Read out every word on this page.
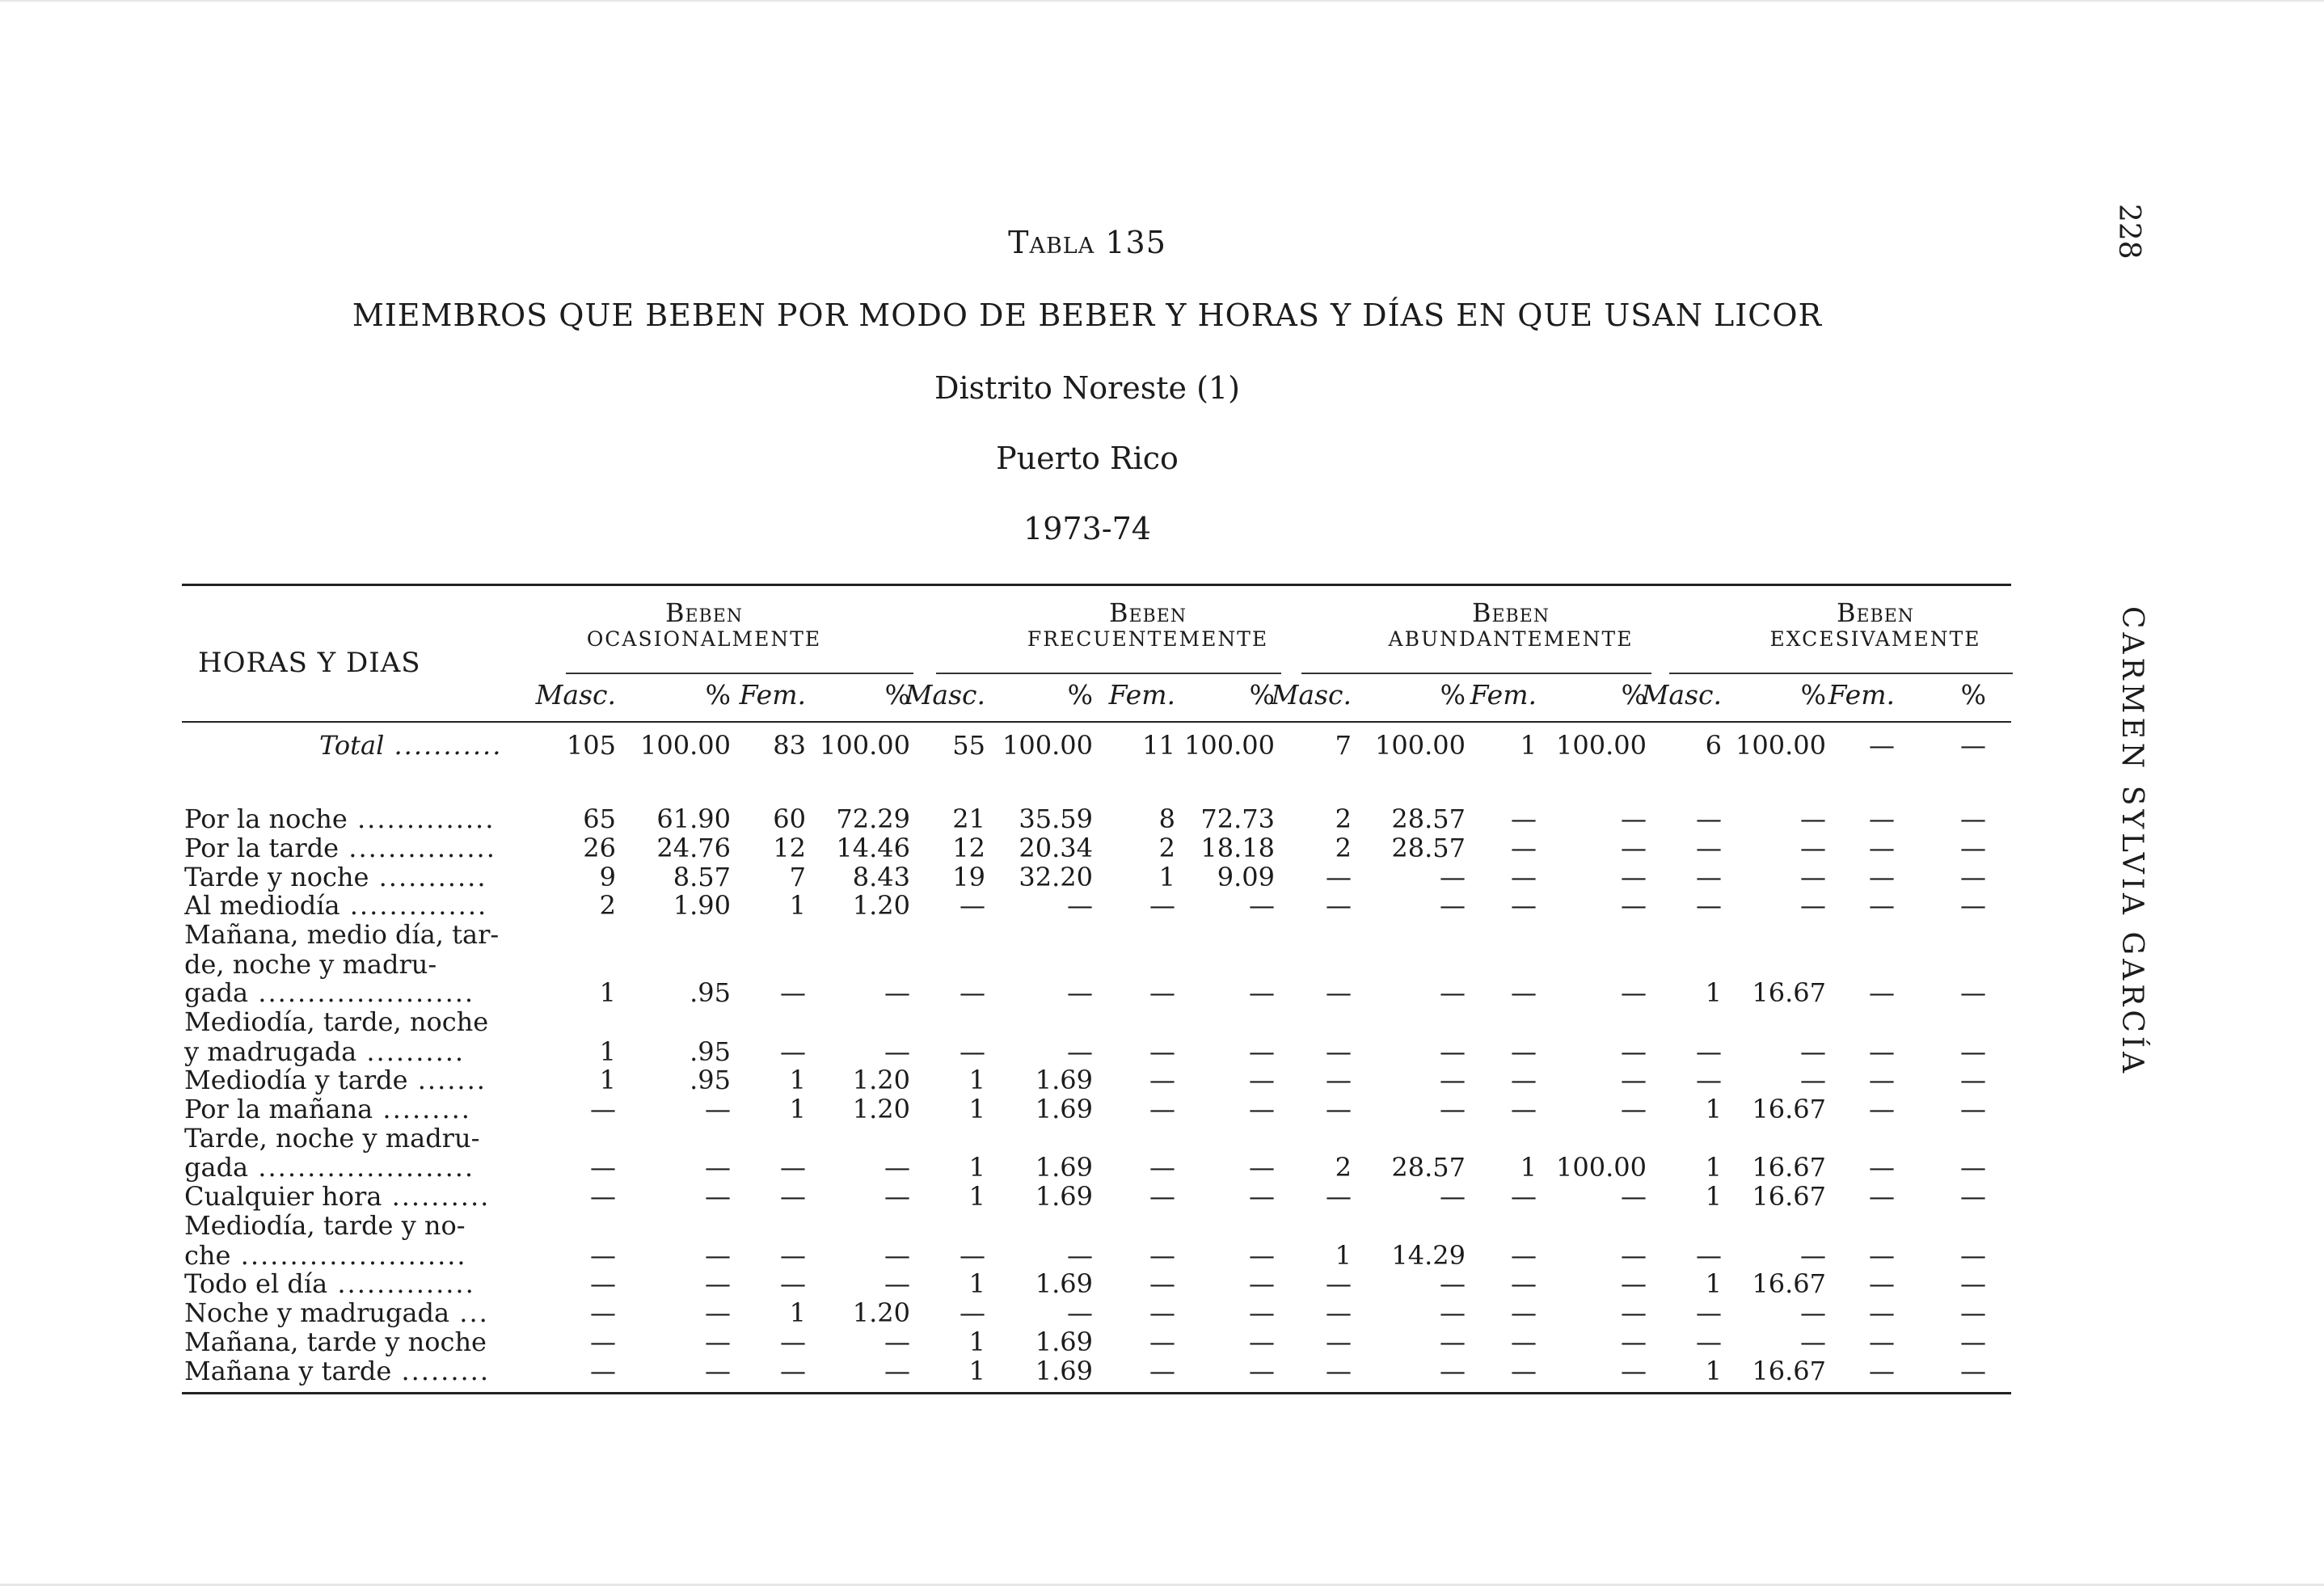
228
CARMEN SYLVIA GARCÍA
Tabla 135
MIEMBROS QUE BEBEN POR MODO DE BEBER Y HORAS Y DÍAS EN QUE USAN LICOR
Distrito Noreste (1)
Puerto Rico
1973-74
HORAS Y DIAS
Beben
OCASIONALMENTE
Beben
FRECUENTEMENTE
Beben
ABUNDANTEMENTE
Beben
EXCESIVAMENTE
Masc.	% Fem.	%
Masc.	% Fem.	%
Masc.	% Fem.	%
Masc.	% Fem.	%
Total ...........	105 100.00	83 100.00	55 100.00	11 100.00	7 100.00	1 100.00	6 100.00	—	—
Por la noche ..............	65	61.90	60	72.29	21	35.59	8 72.73	2	28.57	—	—	—	—	—	—
Por la tarde ...............	26	24.76	12	14.46	12	20.34	2 18.18	2	28.57	—	—	—	—	—	—
Tarde y noche ...........	9	8.57	7	8.43	19	32.20	1	9.09	—	—	—	—	—	—	—	—
Al mediodía ..............	2	1.90	1	1.20	—	—	—	—	—	—	—	—	—	—	—	—
Mañana, medio día, tar-
de, noche y madru-
gada ......................	1	.95	—	—	—	—	—	—	—	—	—	—	1	16.67	—	—
Mediodía, tarde, noche
y madrugada ..........	1	.95	—	—	—	—	—	—	—	—	—	—	—	—	—	—
Mediodía y tarde .......	1	.95	1	1.20	1	1.69	—	—	—	—	—	—	—	—	—	—
Por la mañana .........	—	—	1	1.20	1	1.69	—	—	—	—	—	—	1	16.67	—	—
Tarde, noche y madru-
gada ......................	—	—	—	—	1	1.69	—	—	2	28.57	1 100.00	1	16.67	—	—
Cualquier hora ..........	—	—	—	—	1	1.69	—	—	—	—	—	—	1	16.67	—	—
Mediodía, tarde y no-
che .......................	—	—	—	—	—	—	—	—	1	14.29	—	—	—	—	—	—
Todo el día ..............	—	—	—	—	1	1.69	—	—	—	—	—	—	1	16.67	—	—
Noche y madrugada ...	—	—	1	1.20	—	—	—	—	—	—	—	—	—	—	—	—
Mañana, tarde y noche	—	—	—	—	1	1.69	—	—	—	—	—	—	—	—	—	—
Mañana y tarde .........	—	—	—	—	1	1.69	—	—	—	—	—	—	1	16.67	—	—
